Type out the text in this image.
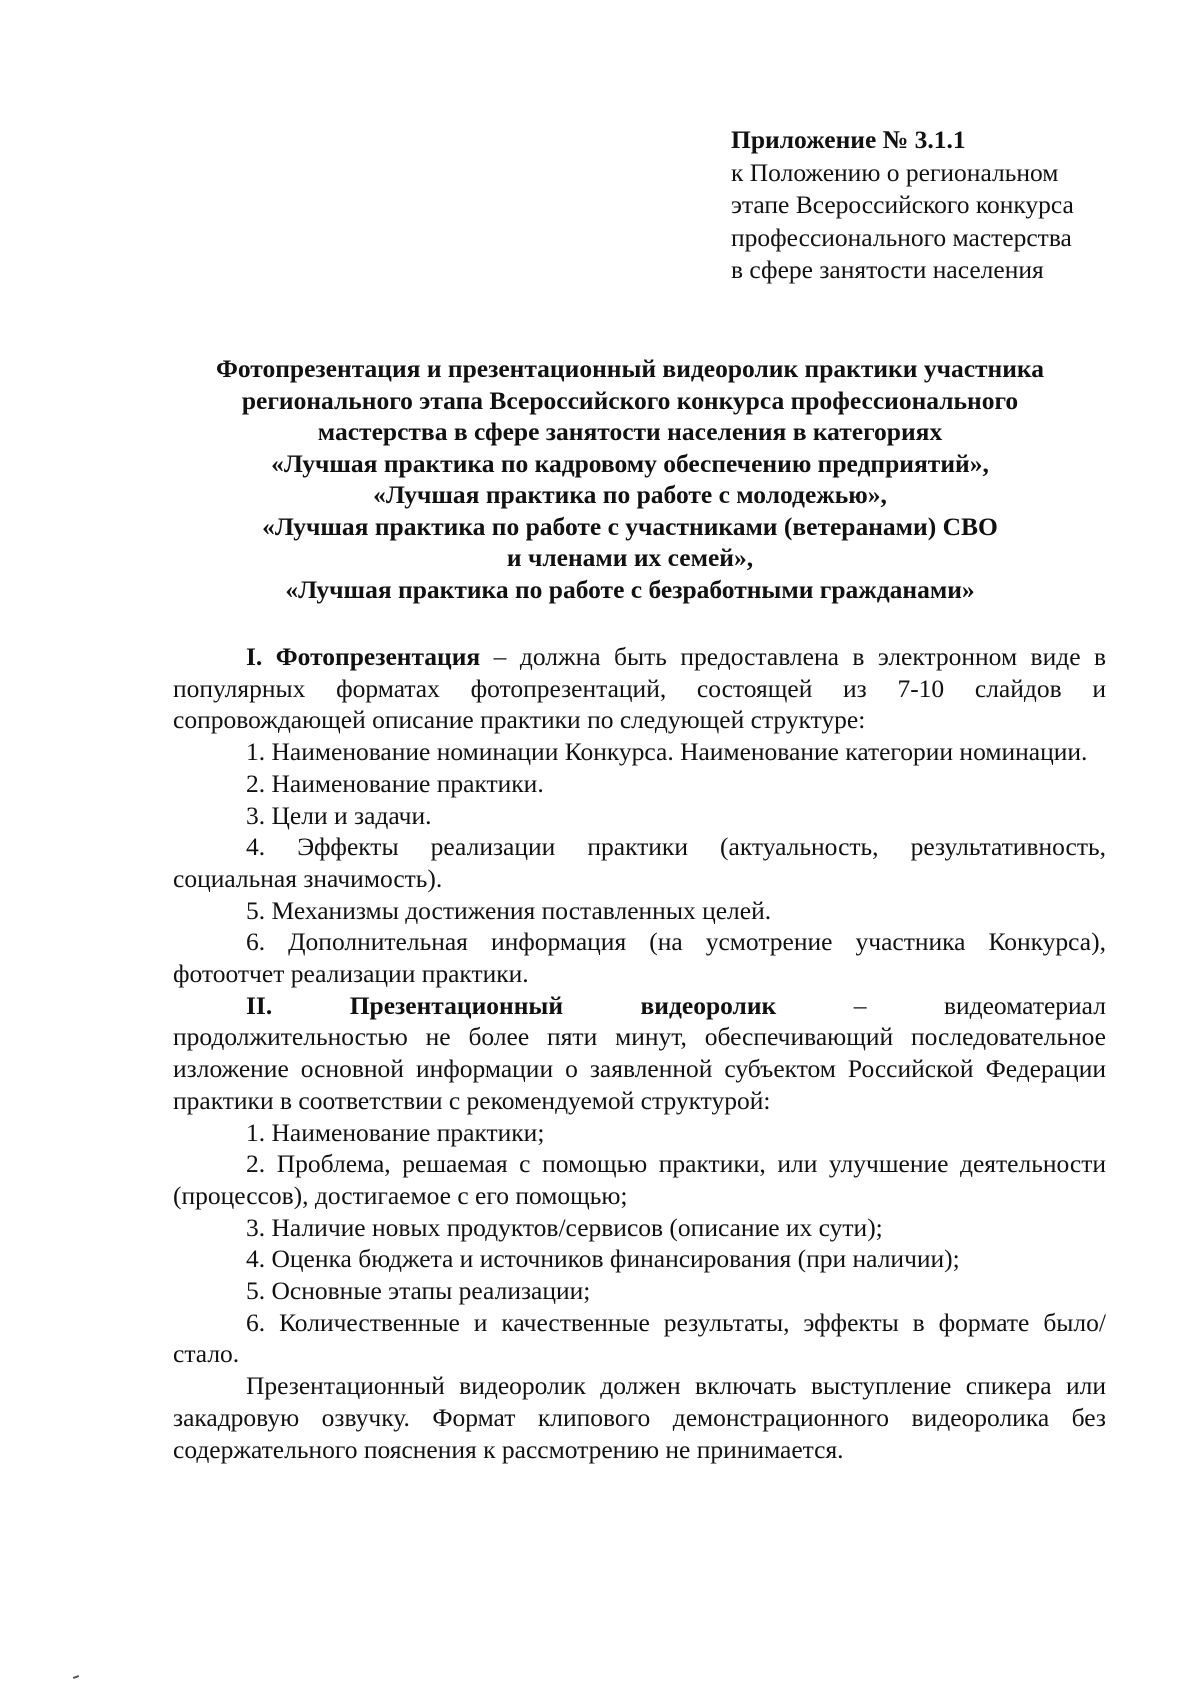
Приложение № 3.1.1
к Положению о региональном
этапе Всероссийского конкурса
профессионального мастерства
в сфере занятости населения
Фотопрезентация и презентационный видеоролик практики участника
регионального этапа Всероссийского конкурса профессионального
мастерства в сфере занятости населения в категориях
«Лучшая практика по кадровому обеспечению предприятий»,
«Лучшая практика по работе с молодежью»,
«Лучшая практика по работе с участниками (ветеранами) СВО
и членами их семей»,
«Лучшая практика по работе с безработными гражданами»

I. Фотопрезентация – должна быть предоставлена в электронном виде в популярных форматах фотопрезентаций, состоящей из 7-10 слайдов и сопровождающей описание практики по следующей структуре:

1. Наименование номинации Конкурса. Наименование категории номинации.

2. Наименование практики.

3. Цели и задачи.

4. Эффекты реализации практики (актуальность, результативность, социальная значимость).

5. Механизмы достижения поставленных целей.

6. Дополнительная информация (на усмотрение участника Конкурса), фотоотчет реализации практики.

II.	Презентационный	видеоролик	–	видеоматериал

продолжительностью не более пяти минут, обеспечивающий последовательное изложение основной информации о заявленной субъектом Российской Федерации практики в соответствии с рекомендуемой структурой:

1. Наименование практики;

2. Проблема, решаемая с помощью практики, или улучшение деятельности (процессов), достигаемое с его помощью;

3. Наличие новых продуктов/сервисов (описание их сути);

4. Оценка бюджета и источников финансирования (при наличии);

5. Основные этапы реализации;

6. Количественные и качественные результаты, эффекты в формате было/стало.

Презентационный видеоролик должен включать выступление спикера или закадровую озвучку. Формат клипового демонстрационного видеоролика без содержательного пояснения к рассмотрению не принимается.
